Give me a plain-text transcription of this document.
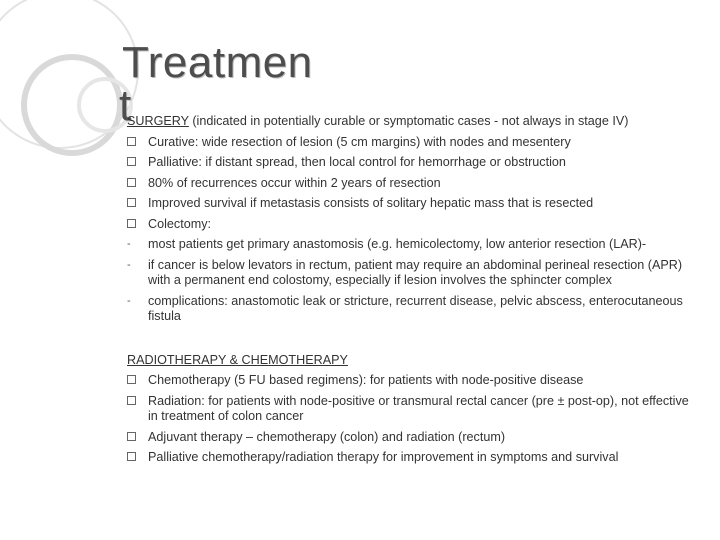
Treatmen
t

SURGERY (indicated in potentially curable or symptomatic cases - not always in stage IV)

Curative: wide resection of lesion (5 cm margins) with nodes and mesentery
Palliative: if distant spread, then local control for hemorrhage or obstruction
80% of recurrences occur within 2 years of resection
Improved survival if metastasis consists of solitary hepatic mass that is resected
Colectomy:
- most patients get primary anastomosis (e.g. hemicolectomy, low anterior resection (LAR)-
- if cancer is below levators in rectum, patient may require an abdominal perineal resection (APR) with a permanent end colostomy, especially if lesion involves the sphincter complex
- complications: anastomotic leak or stricture, recurrent disease, pelvic abscess, enterocutaneous fistula
RADIOTHERAPY & CHEMOTHERAPY
Chemotherapy (5 FU based regimens): for patients with node-positive disease
Radiation: for patients with node-positive or transmural rectal cancer (pre ± post-op), not effective in treatment of colon cancer
Adjuvant therapy – chemotherapy (colon) and radiation (rectum)
Palliative chemotherapy/radiation therapy for improvement in symptoms and survival
